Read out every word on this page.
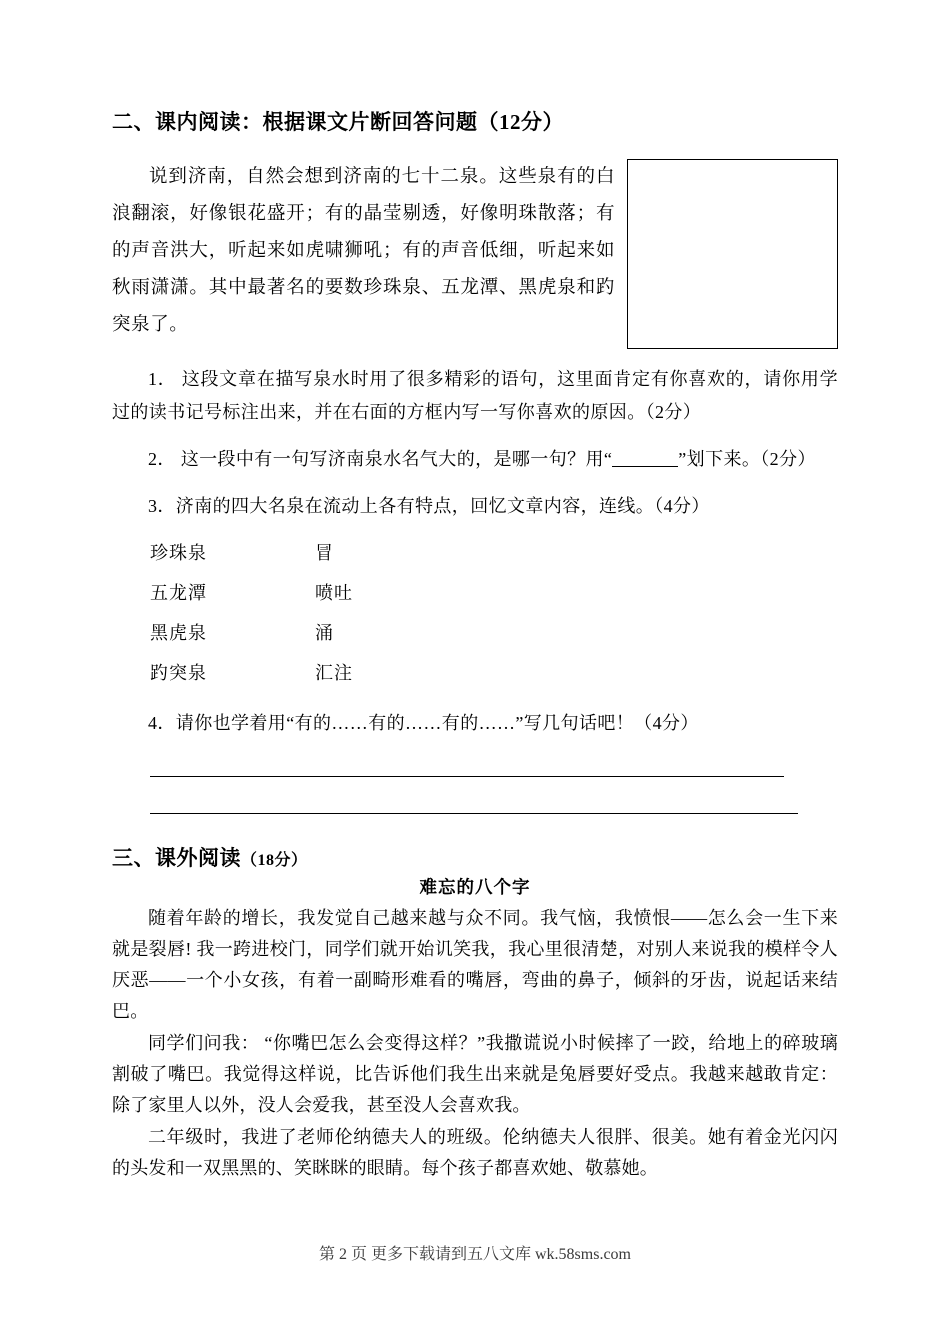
二、课内阅读：根据课文片断回答问题（12分）

说到济南，自然会想到济南的七十二泉。这些泉有的白浪翻滚，好像银花盛开；有的晶莹剔透，好像明珠散落；有的声音洪大，听起来如虎啸狮吼；有的声音低细，听起来如秋雨潇潇。其中最著名的要数珍珠泉、五龙潭、黑虎泉和趵突泉了。

1． 这段文章在描写泉水时用了很多精彩的语句，这里面肯定有你喜欢的，请你用学过的读书记号标注出来，并在右面的方框内写一写你喜欢的原因。（2分）

2． 这一段中有一句写济南泉水名气大的，是哪一句？用“	”划下来。（2分）

3．济南的四大名泉在流动上各有特点，回忆文章内容，连线。（4分）

珍珠泉	冒
五龙潭	喷吐
黑虎泉	涌
趵突泉	汇注

4．请你也学着用“有的……有的……有的……”写几句话吧！（4分）

三、课外阅读（18分）
难忘的八个字

随着年龄的增长，我发觉自己越来越与众不同。我气恼，我愤恨——怎么会一生下来就是裂唇! 我一跨进校门，同学们就开始讥笑我，我心里很清楚，对别人来说我的模样令人厌恶——一个小女孩，有着一副畸形难看的嘴唇，弯曲的鼻子，倾斜的牙齿，说起话来结巴。

同学们问我： “你嘴巴怎么会变得这样？”我撒谎说小时候摔了一跤，给地上的碎玻璃割破了嘴巴。我觉得这样说，比告诉他们我生出来就是兔唇要好受点。我越来越敢肯定：除了家里人以外，没人会爱我，甚至没人会喜欢我。

二年级时，我进了老师伦纳德夫人的班级。伦纳德夫人很胖、很美。她有着金光闪闪的头发和一双黑黑的、笑眯眯的眼睛。每个孩子都喜欢她、敬慕她。

第 2 页 更多下载请到五八文库 wk.58sms.com
